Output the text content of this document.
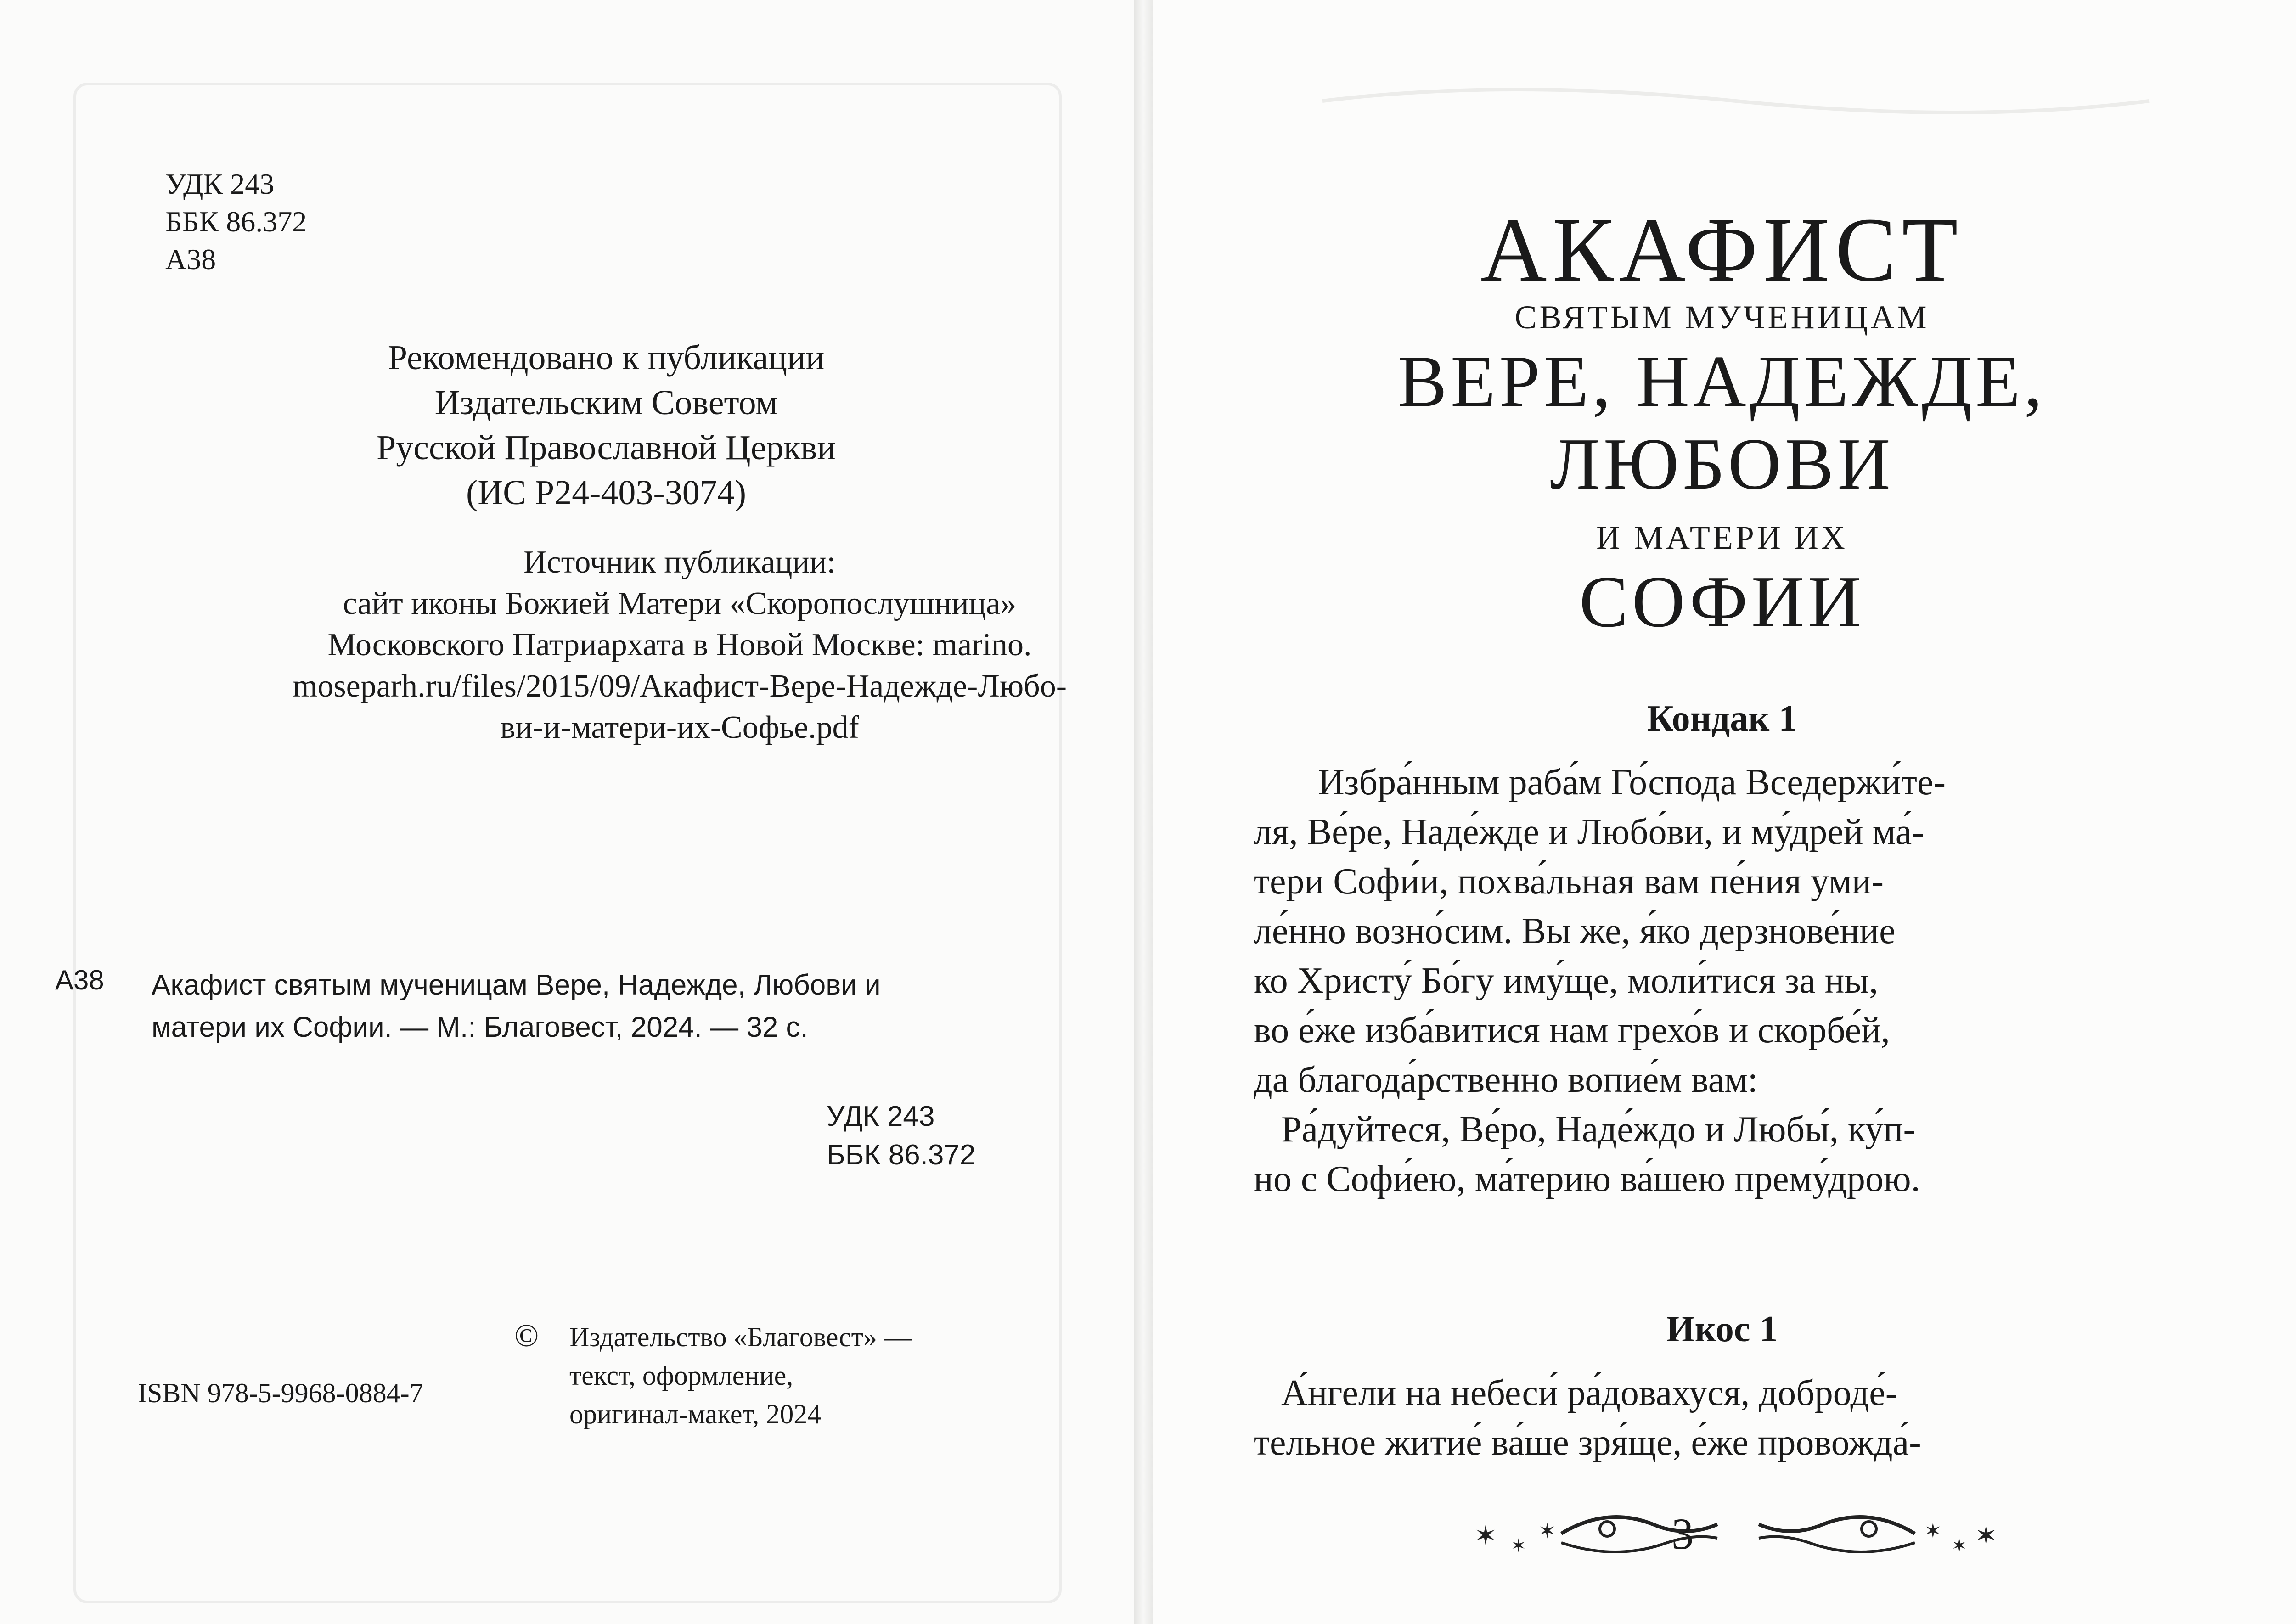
УДК 243
ББК 86.372
А38
Рекомендовано к публикации
Издательским Советом
Русской Православной Церкви
(ИС Р24-403-3074)
Источник публикации:
сайт иконы Божией Матери «Скоропослушница»
Московского Патриархата в Новой Москве: marino.
moseparh.ru/files/2015/09/Акафист-Вере-Надежде-Любо-
ви-и-матери-их-Софье.pdf
А38 Акафист святым мученицам Вере, Надежде, Любови и
матери их Софии. — М.: Благовест, 2024. — 32 с.
УДК 243
ББК 86.372
© Издательство «Благовест» —
текст, оформление,
оригинал-макет, 2024
ISBN 978-5-9968-0884-7
АКАФИСТ
СВЯТЫМ МУЧЕНИЦАМ
ВЕРЕ, НАДЕЖДЕ,
ЛЮБОВИ
И МАТЕРИ ИХ
СОФИИ
Кондак 1
Избра́нным раба́м Го́спода Вседержи́те-
ля, Ве́ре, Наде́жде и Любо́ви, и му́дрей ма́-
тери Софи́и, похва́льная вам пе́ния уми-
ле́нно возно́сим. Вы же, я́ко дерзнове́ние
ко Христу́ Бо́гу иму́ще, моли́тися за ны,
во е́же изба́витися нам грехо́в и скорбе́й,
да благода́рственно вопие́м вам:
Ра́дуйтеся, Ве́ро, Наде́ждо и Любы́, ку́п-
но с Софи́ею, ма́терию ва́шею прему́дрою.
Икос 1
А́нгели на небеси́ ра́довахуся, доброде́-
тельное житие́ ва́ше зря́ще, е́же провожда́-
✶ ✶
✶	3	✶
✶ ✶
